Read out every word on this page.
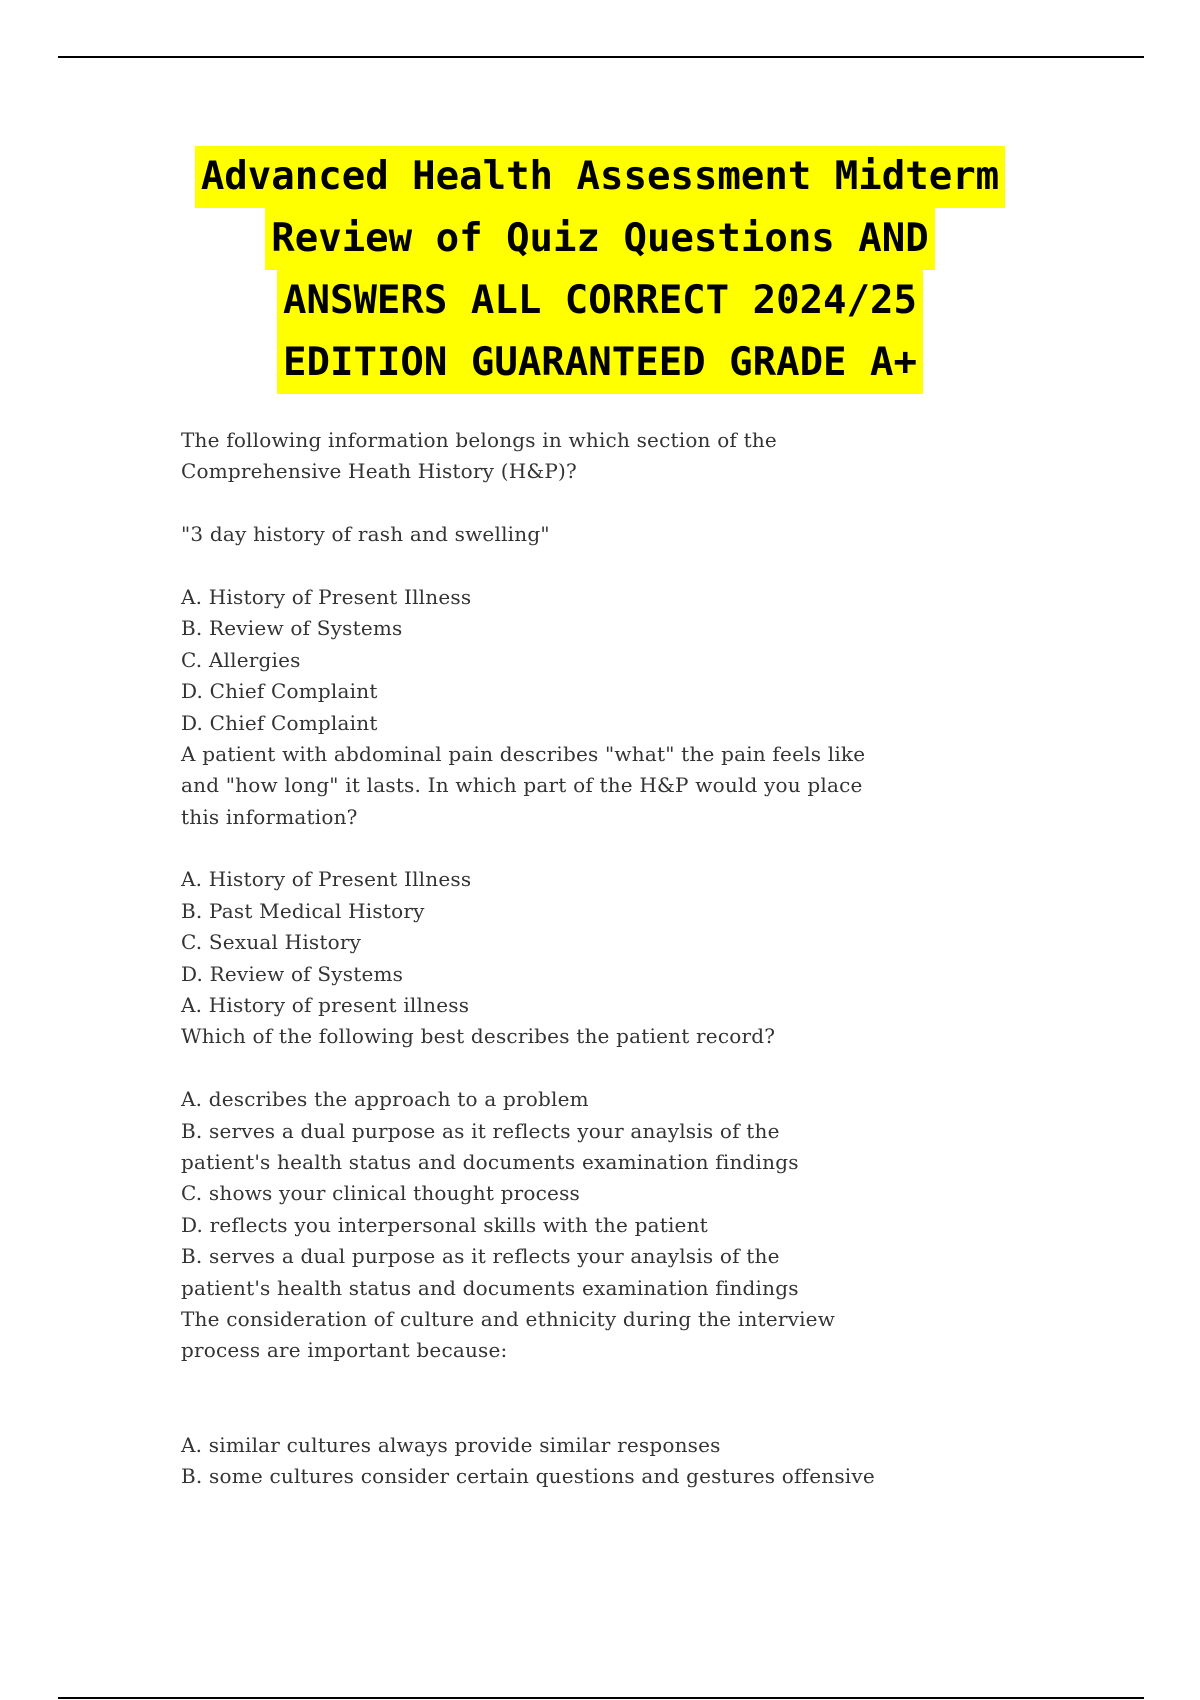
Advanced Health Assessment Midterm
Review of Quiz Questions AND
ANSWERS ALL CORRECT 2024/25
EDITION GUARANTEED GRADE A+
The following information belongs in which section of the
Comprehensive Heath History (H&P)?
"3 day history of rash and swelling"
A. History of Present Illness
B. Review of Systems
C. Allergies
D. Chief Complaint
D. Chief Complaint
A patient with abdominal pain describes "what" the pain feels like
and "how long" it lasts. In which part of the H&P would you place
this information?
A. History of Present Illness
B. Past Medical History
C. Sexual History
D. Review of Systems
A. History of present illness
Which of the following best describes the patient record?
A. describes the approach to a problem
B. serves a dual purpose as it reflects your anaylsis of the
patient's health status and documents examination findings
C. shows your clinical thought process
D. reflects you interpersonal skills with the patient
B. serves a dual purpose as it reflects your anaylsis of the
patient's health status and documents examination findings
The consideration of culture and ethnicity during the interview
process are important because:
A. similar cultures always provide similar responses
B. some cultures consider certain questions and gestures offensive
